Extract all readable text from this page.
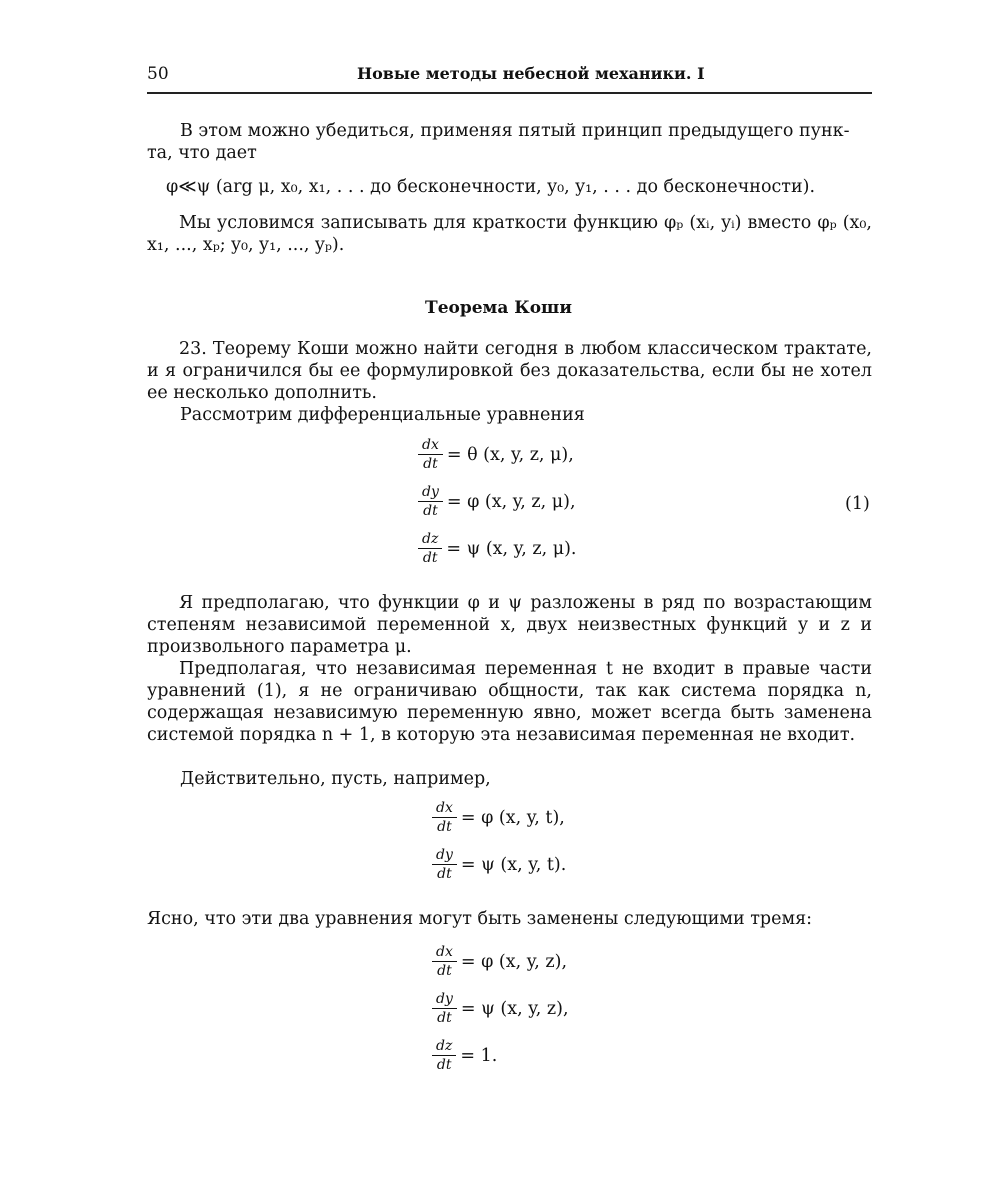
50	Новые методы небесной механики. I
В этом можно убедиться, применяя пятый принцип предыдущего пунк-
та, что дает
φ≪ψ (arg μ, x₀, x₁, . . . до бесконечности, y₀, y₁, . . . до бесконечности).
Мы условимся записывать для краткости функцию φₚ (xᵢ, yᵢ) вместо φₚ (x₀, x₁, ..., xₚ; y₀, y₁, ..., yₚ).
Теорема Коши
23. Теорему Коши можно найти сегодня в любом классическом трактате, и я ограничился бы ее формулировкой без доказательства, если бы не хотел ее несколько дополнить.
Рассмотрим дифференциальные уравнения
$\frac{dx}{dt} = \theta$ (x, y, z, μ),
$\frac{dy}{dt} = \varphi$ (x, y, z, μ),
$\frac{dz}{dt} = \psi$ (x, y, z, μ).
(1)
Я предполагаю, что функции φ и ψ разложены в ряд по возрастающим степеням независимой переменной x, двух неизвестных функций y и z и произвольного параметра μ.
Предполагая, что независимая переменная t не входит в правые части уравнений (1), я не ограничиваю общности, так как система порядка n, содержащая независимую переменную явно, может всегда быть заменена системой порядка n + 1, в которую эта независимая переменная не входит.
Действительно, пусть, например,
$\frac{dx}{dt} = \varphi$ (x, y, t),
$\frac{dy}{dt} = \psi$ (x, y, t).
Ясно, что эти два уравнения могут быть заменены следующими тремя:
$\frac{dx}{dt} = \varphi$ (x, y, z),
$\frac{dy}{dt} = \psi$ (x, y, z),
$\frac{dz}{dt} = 1$.
